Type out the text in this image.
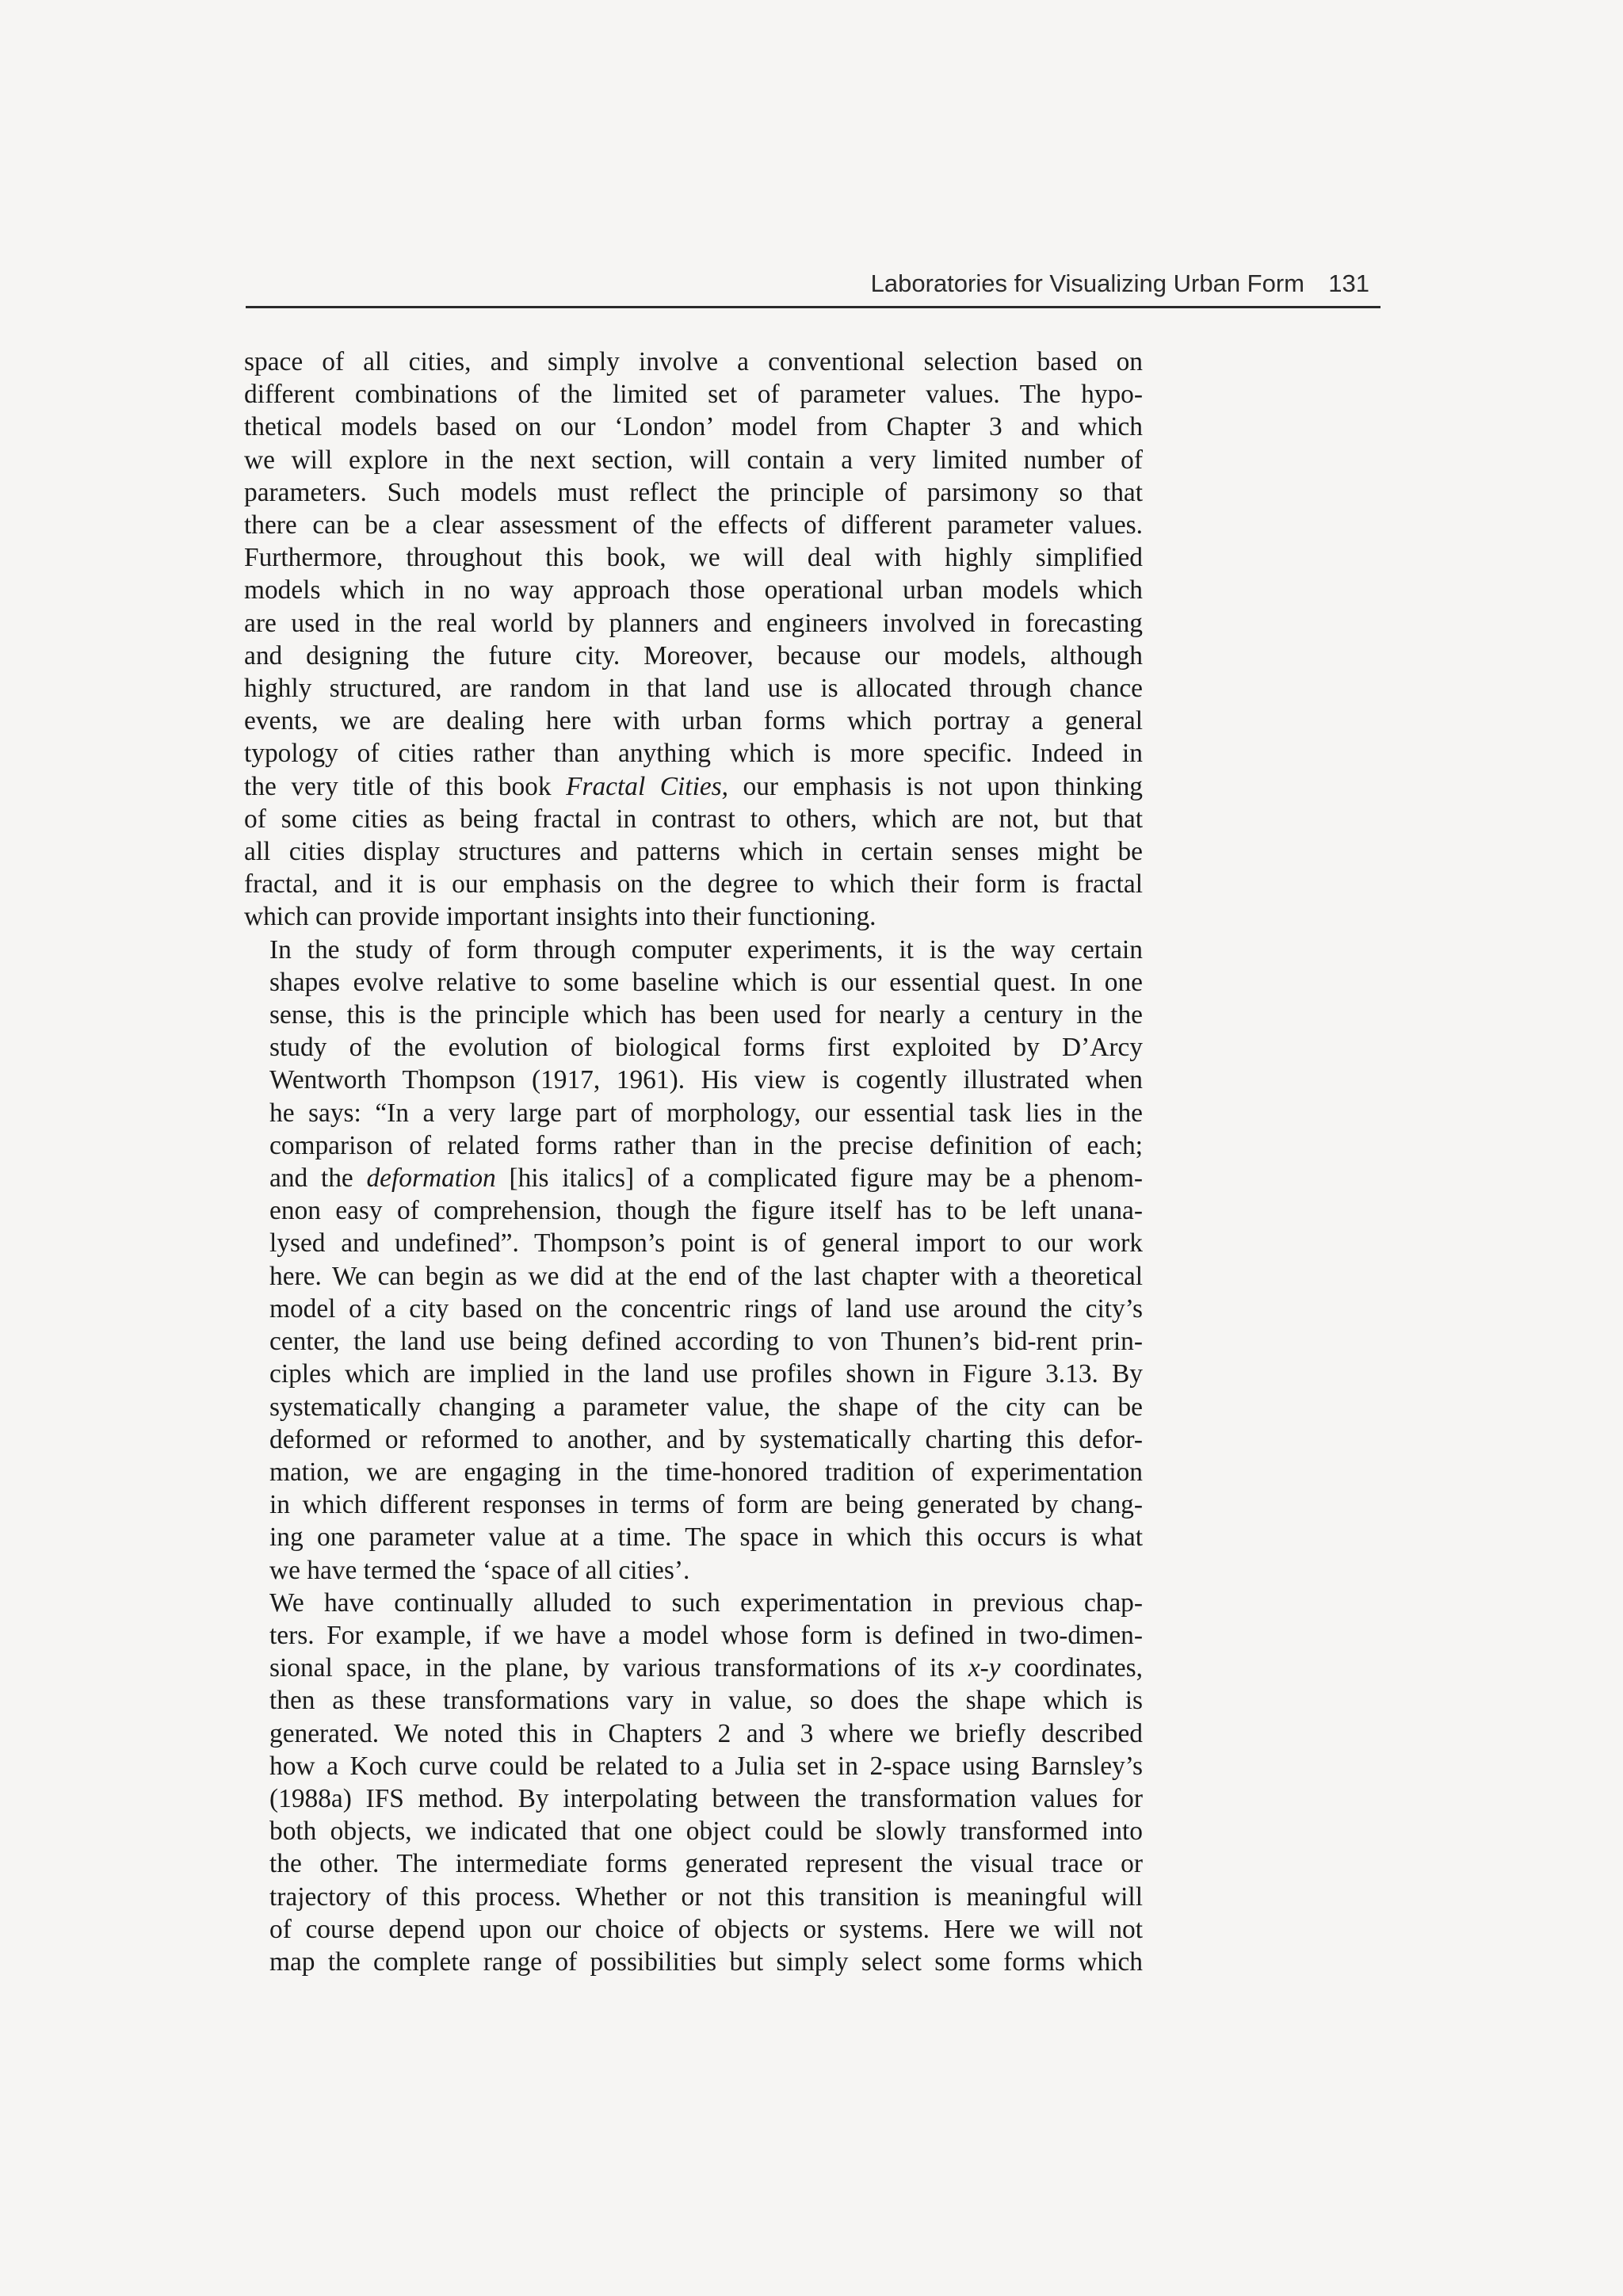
Laboratories for Visualizing Urban Form 131

space of all cities, and simply involve a conventional selection based on
different combinations of the limited set of parameter values. The hypo-
thetical models based on our ‘London’ model from Chapter 3 and which
we will explore in the next section, will contain a very limited number of
parameters. Such models must reflect the principle of parsimony so that
there can be a clear assessment of the effects of different parameter values.
Furthermore, throughout this book, we will deal with highly simplified
models which in no way approach those operational urban models which
are used in the real world by planners and engineers involved in forecasting
and designing the future city. Moreover, because our models, although
highly structured, are random in that land use is allocated through chance
events, we are dealing here with urban forms which portray a general
typology of cities rather than anything which is more specific. Indeed in
the very title of this book Fractal Cities, our emphasis is not upon thinking
of some cities as being fractal in contrast to others, which are not, but that
all cities display structures and patterns which in certain senses might be
fractal, and it is our emphasis on the degree to which their form is fractal
which can provide important insights into their functioning.

In the study of form through computer experiments, it is the way certain
shapes evolve relative to some baseline which is our essential quest. In one
sense, this is the principle which has been used for nearly a century in the
study of the evolution of biological forms first exploited by D’Arcy
Wentworth Thompson (1917, 1961). His view is cogently illustrated when
he says: “In a very large part of morphology, our essential task lies in the
comparison of related forms rather than in the precise definition of each;
and the deformation [his italics] of a complicated figure may be a phenom-
enon easy of comprehension, though the figure itself has to be left unana-
lysed and undefined”. Thompson’s point is of general import to our work
here. We can begin as we did at the end of the last chapter with a theoretical
model of a city based on the concentric rings of land use around the city’s
center, the land use being defined according to von Thunen’s bid-rent prin-
ciples which are implied in the land use profiles shown in Figure 3.13. By
systematically changing a parameter value, the shape of the city can be
deformed or reformed to another, and by systematically charting this defor-
mation, we are engaging in the time-honored tradition of experimentation
in which different responses in terms of form are being generated by chang-
ing one parameter value at a time. The space in which this occurs is what
we have termed the ‘space of all cities’.

We have continually alluded to such experimentation in previous chap-
ters. For example, if we have a model whose form is defined in two-dimen-
sional space, in the plane, by various transformations of its x-y coordinates,
then as these transformations vary in value, so does the shape which is
generated. We noted this in Chapters 2 and 3 where we briefly described
how a Koch curve could be related to a Julia set in 2-space using Barnsley’s
(1988a) IFS method. By interpolating between the transformation values for
both objects, we indicated that one object could be slowly transformed into
the other. The intermediate forms generated represent the visual trace or
trajectory of this process. Whether or not this transition is meaningful will
of course depend upon our choice of objects or systems. Here we will not
map the complete range of possibilities but simply select some forms which
